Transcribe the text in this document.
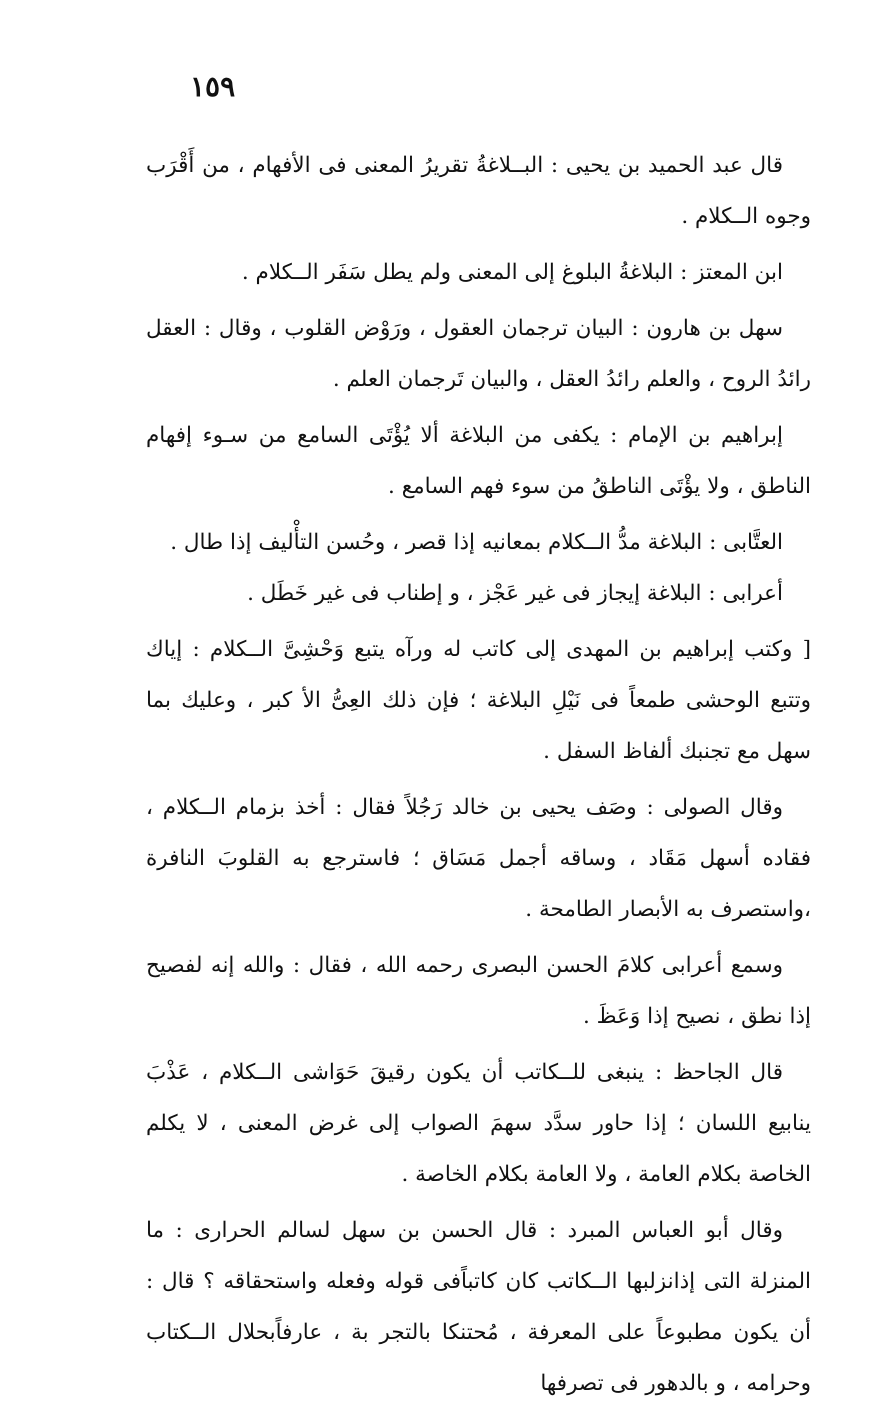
١٥٩

قال عبد الحميد بن يحيى : البــلاغةُ تقريرُ المعنى فى الأفهام ، من أَقْرَب وجوه الــكلام .

ابن المعتز : البلاغةُ البلوغ إلى المعنى ولم يطل سَفَر الــكلام .

سهل بن هارون : البيان ترجمان العقول ، ورَوْض القلوب ، وقال : العقل رائدُ الروح ، والعلم رائدُ العقل ، والبيان تَرجمان العلم .

إبراهيم بن الإمام : يكفى من البلاغة ألا يُؤْتَى السامع من سـوء إفهام الناطق ، ولا يؤْتَى الناطقُ من سوء فهم السامع .

العتَّابى : البلاغة مدُّ الــكلام بمعانيه إذا قصر ، وحُسن التأْليف إذا طال .

أعرابى : البلاغة إيجاز فى غير عَجْز ، و إطناب فى غير خَطَل .

[ وكتب إبراهيم بن المهدى إلى كاتب له ورآه يتبع وَحْشِىَّ الــكلام : إياك وتتبع الوحشى طمعاً فى نَيْلِ البلاغة ؛ فإن ذلك العِىُّ الأ كبر ، وعليك بما سهل مع تجنبك ألفاظ السفل .

وقال الصولى : وصَف يحيى بن خالد رَجُلاً فقال : أخذ بزمام الــكلام ، فقاده أسهل مَقَاد ، وساقه أجمل مَسَاق ؛ فاسترجع به القلوبَ النافرة ،واستصرف به الأبصار الطامحة .

وسمع أعرابى كلامَ الحسن البصرى رحمه الله ، فقال : والله إنه لفصيح إذا نطق ، نصيح إذا وَعَظَ .

قال الجاحظ : ينبغى للــكاتب أن يكون رقيقَ حَوَاشى الــكلام ، عَذْبَ ينابيع اللسان ؛ إذا حاور سدَّد سهمَ الصواب إلى غرض المعنى ، لا يكلم الخاصة بكلام العامة ، ولا العامة بكلام الخاصة .

وقال أبو العباس المبرد : قال الحسن بن سهل لسالم الحرارى : ما المنزلة التى إذانزلبها الــكاتب كان كاتباًفى قوله وفعله واستحقاقه ؟ قال : أن يكون مطبوعاً على المعرفة ، مُحتنكا بالتجر بة ، عارفاًبحلال الــكتاب وحرامه ، و بالدهور فى تصرفها
